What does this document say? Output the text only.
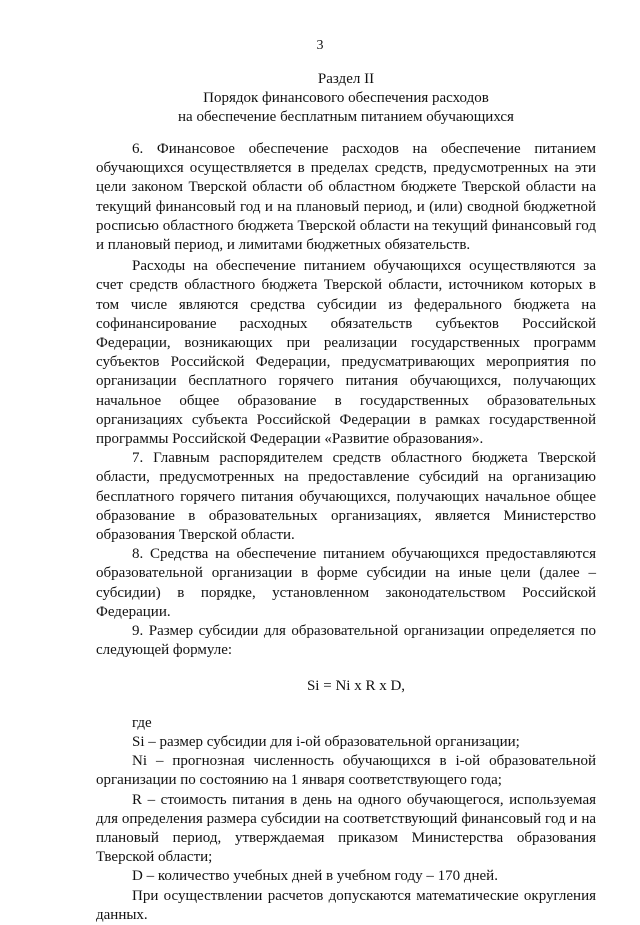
3
Раздел II
Порядок финансового обеспечения расходов
на обеспечение бесплатным питанием обучающихся

6. Финансовое обеспечение расходов на обеспечение питанием обучающихся осуществляется в пределах средств, предусмотренных на эти цели законом Тверской области об областном бюджете Тверской области на текущий финансовый год и на плановый период, и (или) сводной бюджетной росписью областного бюджета Тверской области на текущий финансовый год и плановый период, и лимитами бюджетных обязательств.

Расходы на обеспечение питанием обучающихся осуществляются за счет средств областного бюджета Тверской области, источником которых в том числе являются средства субсидии из федерального бюджета на софинансирование расходных обязательств субъектов Российской Федерации, возникающих при реализации государственных программ субъектов Российской Федерации, предусматривающих мероприятия по организации бесплатного горячего питания обучающихся, получающих начальное общее образование в государственных образовательных организациях субъекта Российской Федерации в рамках государственной программы Российской Федерации «Развитие образования».

7. Главным распорядителем средств областного бюджета Тверской области, предусмотренных на предоставление субсидий на организацию бесплатного горячего питания обучающихся, получающих начальное общее образование в образовательных организациях, является Министерство образования Тверской области.

8. Средства на обеспечение питанием обучающихся предоставляются образовательной организации в форме субсидии на иные цели (далее – субсидии) в порядке, установленном законодательством Российской Федерации.

9. Размер субсидии для образовательной организации определяется по следующей формуле:

Si = Ni x R x D,

где

Si – размер субсидии для i-ой образовательной организации;

Ni – прогнозная численность обучающихся в i-ой образовательной организации по состоянию на 1 января соответствующего года;

R – стоимость питания в день на одного обучающегося, используемая для определения размера субсидии на соответствующий финансовый год и на плановый период, утверждаемая приказом Министерства образования Тверской области;

D – количество учебных дней в учебном году – 170 дней.

При осуществлении расчетов допускаются математические округления данных.
